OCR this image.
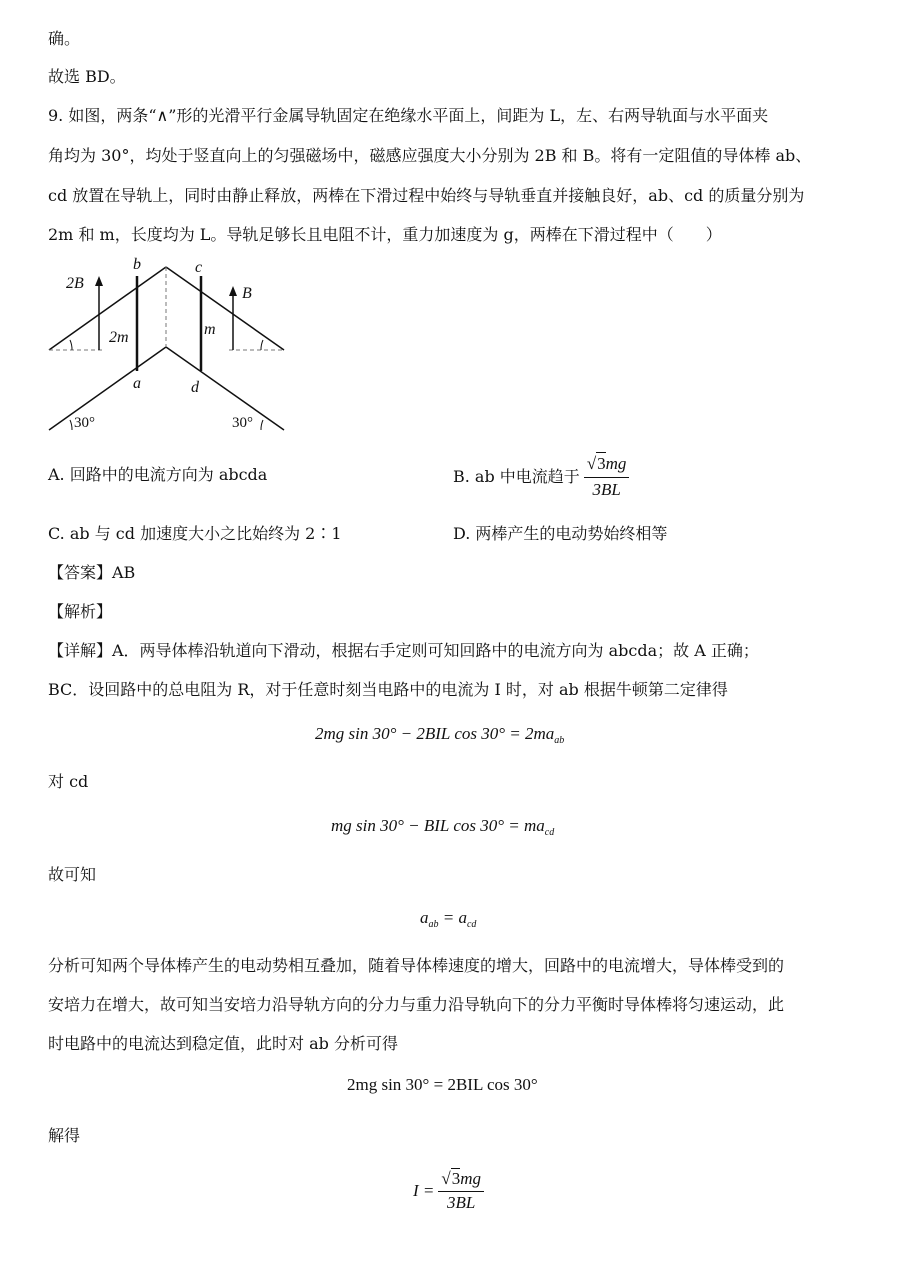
确。
故选 BD。
9. 如图，两条“∧”形的光滑平行金属导轨固定在绝缘水平面上，间距为 L，左、右两导轨面与水平面夹
角均为 30°，均处于竖直向上的匀强磁场中，磁感应强度大小分别为 2B 和 B。将有一定阻值的导体棒 ab、
cd 放置在导轨上，同时由静止释放，两棒在下滑过程中始终与导轨垂直并接触良好，ab、cd 的质量分别为
2m 和 m，长度均为 L。导轨足够长且电阻不计，重力加速度为 g，两棒在下滑过程中（　　）
2B
B
b	c
a	d
2m	m
30°	30°
A. 回路中的电流方向为 abcda	B. ab 中电流趋于 $\frac{√3mg}{3BL}$
C. ab 与 cd 加速度大小之比始终为 2∶1	D. 两棒产生的电动势始终相等
【答案】AB
【解析】
【详解】A．两导体棒沿轨道向下滑动，根据右手定则可知回路中的电流方向为 abcda；故 A 正确；
BC．设回路中的总电阻为 R，对于任意时刻当电路中的电流为 I 时，对 ab 根据牛顿第二定律得
2mg sin 30° − 2BIL $\cos 30^\circ = 2ma_{ab}$
对 cd
mg sin 30° − BIL $\cos 30^\circ = ma_{cd}$
故可知
$a_{ab} = a_{cd}$
分析可知两个导体棒产生的电动势相互叠加，随着导体棒速度的增大，回路中的电流增大，导体棒受到的
安培力在增大，故可知当安培力沿导轨方向的分力与重力沿导轨向下的分力平衡时导体棒将匀速运动，此
时电路中的电流达到稳定值，此时对 ab 分析可得
2mg sin 30° = 2BIL cos 30°
解得
$I = \frac{√3mg}{3BL}$
